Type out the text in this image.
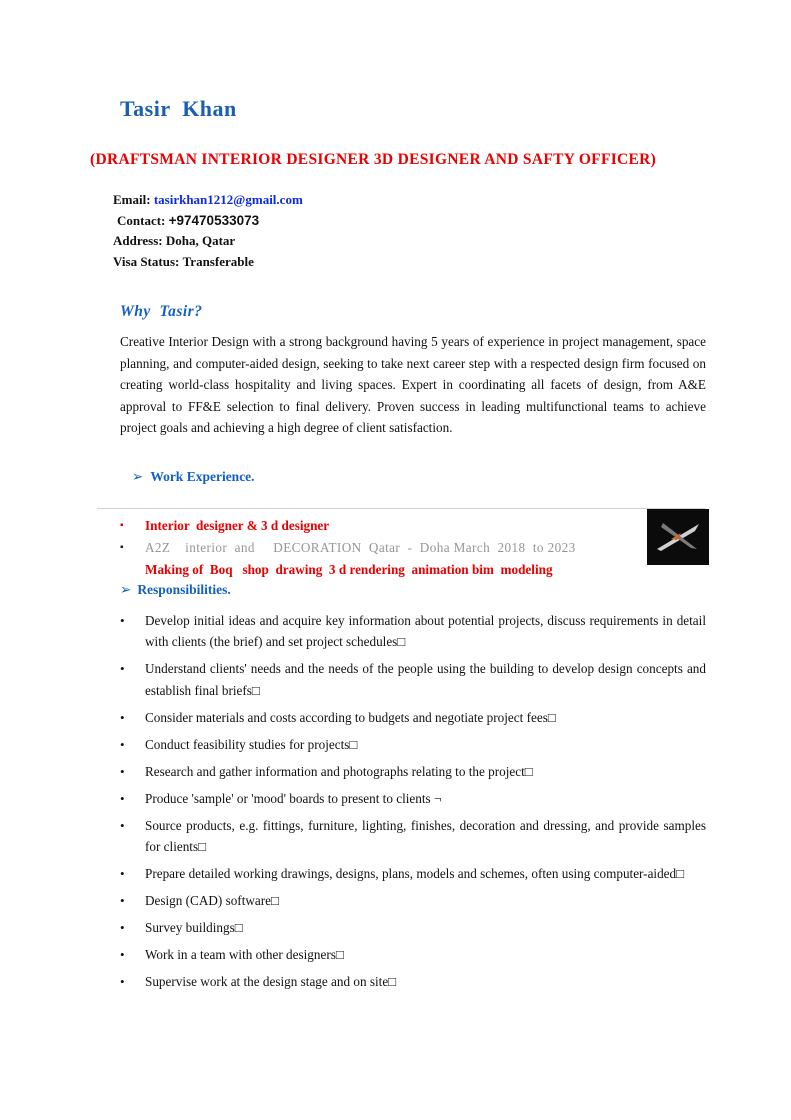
Tasir  Khan
(DRAFTSMAN INTERIOR DESIGNER 3D DESIGNER AND SAFTY OFFICER)

Email: tasirkhan1212@gmail.com

Contact: +97470533073

Address: Doha, Qatar

Visa Status: Transferable

Why  Tasir?

Creative Interior Design with a strong background having 5 years of experience in project management, space planning, and computer-aided design, seeking to take next career step with a respected design firm focused on creating world-class hospitality and living spaces. Expert in coordinating all facets of design, from A&E approval to FF&E selection to final delivery. Proven success in leading multifunctional teams to achieve project goals and achieving a high degree of client satisfaction.

➢ Work Experience.
▪	Interior  designer & 3 d designer
▪	A2Z    interior  and     DECORATION  Qatar  -  Doha March  2018  to 2023
Making of  Boq   shop  drawing  3 d rendering  animation bim  modeling
➢ Responsibilities.
• Develop initial ideas and acquire key information about potential projects, discuss requirements in detail with clients (the brief) and set project schedules□
• Understand clients' needs and the needs of the people using the building to develop design concepts and establish final briefs□
• Consider materials and costs according to budgets and negotiate project fees□
• Conduct feasibility studies for projects□
• Research and gather information and photographs relating to the project□
• Produce 'sample' or 'mood' boards to present to clients ¬
• Source products, e.g. fittings, furniture, lighting, finishes, decoration and dressing, and provide samples for clients□
• Prepare detailed working drawings, designs, plans, models and schemes, often using computer-aided□
• Design (CAD) software□
• Survey buildings□
• Work in a team with other designers□
• Supervise work at the design stage and on site□
